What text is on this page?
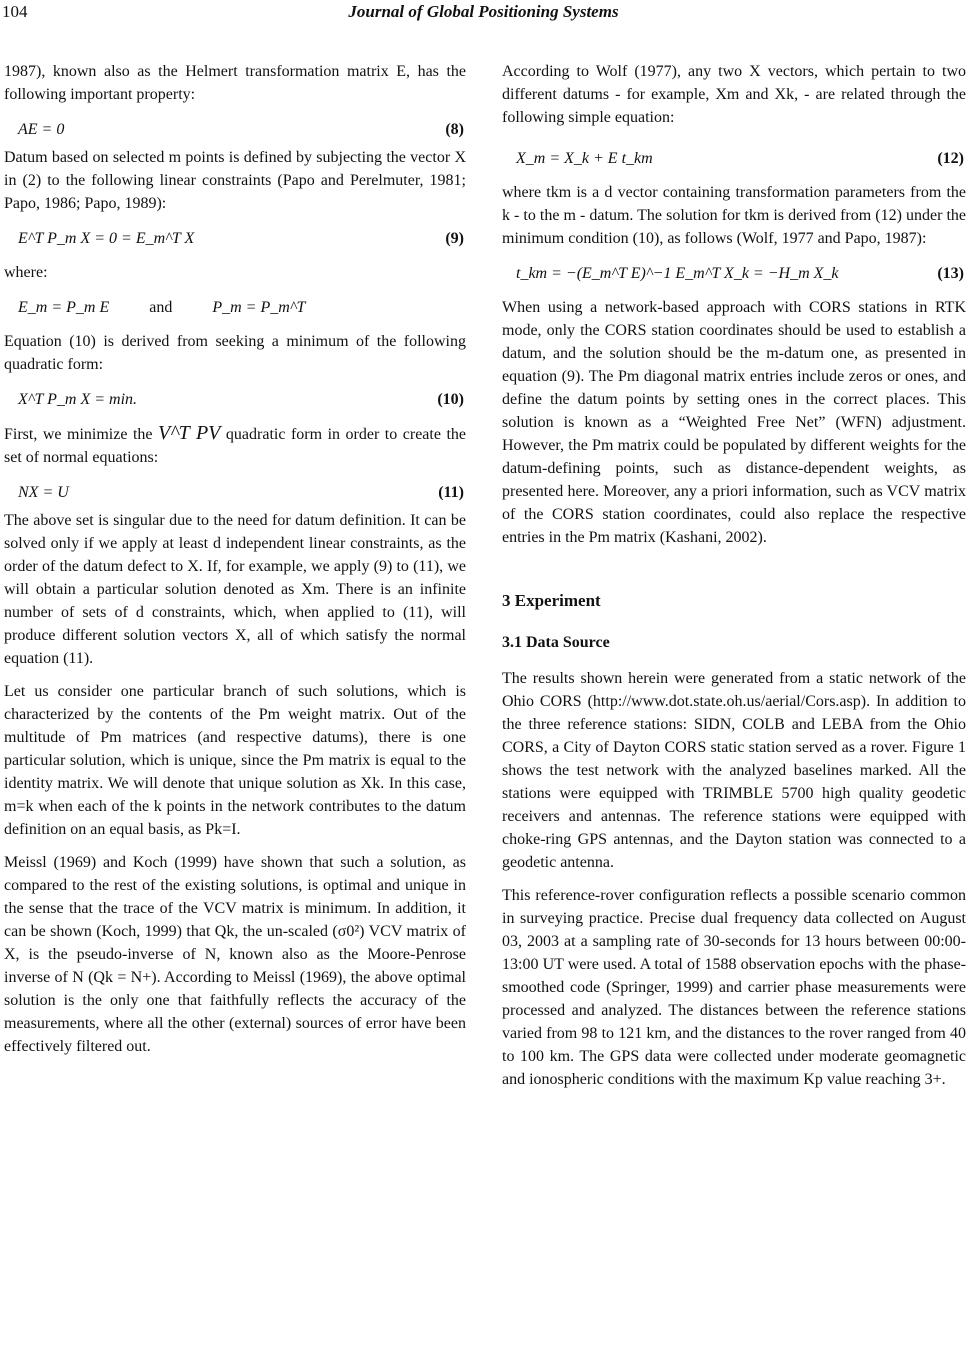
104	Journal of Global Positioning Systems

1987), known also as the Helmert transformation matrix E, has the following important property:

AE = 0	(8)

Datum based on selected m points is defined by subjecting the vector X in (2) to the following linear constraints (Papo and Perelmuter, 1981; Papo, 1986; Papo, 1989):

E^T P_m X = 0 = E_m^T X	(9)

where:

E_m = P_m E	and	P_m = P_m^T

Equation (10) is derived from seeking a minimum of the following quadratic form:

X^T P_m X = min.	(10)

First, we minimize the V^T PV quadratic form in order to create the set of normal equations:

NX = U	(11)

The above set is singular due to the need for datum definition. It can be solved only if we apply at least d independent linear constraints, as the order of the datum defect to X. If, for example, we apply (9) to (11), we will obtain a particular solution denoted as Xm. There is an infinite number of sets of d constraints, which, when applied to (11), will produce different solution vectors X, all of which satisfy the normal equation (11).

Let us consider one particular branch of such solutions, which is characterized by the contents of the Pm weight matrix. Out of the multitude of Pm matrices (and respective datums), there is one particular solution, which is unique, since the Pm matrix is equal to the identity matrix. We will denote that unique solution as Xk. In this case, m=k when each of the k points in the network contributes to the datum definition on an equal basis, as Pk=I.

Meissl (1969) and Koch (1999) have shown that such a solution, as compared to the rest of the existing solutions, is optimal and unique in the sense that the trace of the VCV matrix is minimum. In addition, it can be shown (Koch, 1999) that Qk, the un-scaled (σ0²) VCV matrix of X, is the pseudo-inverse of N, known also as the Moore-Penrose inverse of N (Qk = N+). According to Meissl (1969), the above optimal solution is the only one that faithfully reflects the accuracy of the measurements, where all the other (external) sources of error have been effectively filtered out.

According to Wolf (1977), any two X vectors, which pertain to two different datums - for example, Xm and Xk, - are related through the following simple equation:

X_m = X_k + E t_km	(12)

where tkm is a d vector containing transformation parameters from the k - to the m - datum. The solution for tkm is derived from (12) under the minimum condition (10), as follows (Wolf, 1977 and Papo, 1987):

t_km = −(E_m^T E)^−1 E_m^T X_k = −H_m X_k	(13)

When using a network-based approach with CORS stations in RTK mode, only the CORS station coordinates should be used to establish a datum, and the solution should be the m-datum one, as presented in equation (9). The Pm diagonal matrix entries include zeros or ones, and define the datum points by setting ones in the correct places. This solution is known as a “Weighted Free Net” (WFN) adjustment. However, the Pm matrix could be populated by different weights for the datum-defining points, such as distance-dependent weights, as presented here. Moreover, any a priori information, such as VCV matrix of the CORS station coordinates, could also replace the respective entries in the Pm matrix (Kashani, 2002).

3 Experiment
3.1 Data Source

The results shown herein were generated from a static network of the Ohio CORS (http://www.dot.state.oh.us/aerial/Cors.asp). In addition to the three reference stations: SIDN, COLB and LEBA from the Ohio CORS, a City of Dayton CORS static station served as a rover. Figure 1 shows the test network with the analyzed baselines marked. All the stations were equipped with TRIMBLE 5700 high quality geodetic receivers and antennas. The reference stations were equipped with choke-ring GPS antennas, and the Dayton station was connected to a geodetic antenna.

This reference-rover configuration reflects a possible scenario common in surveying practice. Precise dual frequency data collected on August 03, 2003 at a sampling rate of 30-seconds for 13 hours between 00:00-13:00 UT were used. A total of 1588 observation epochs with the phase-smoothed code (Springer, 1999) and carrier phase measurements were processed and analyzed. The distances between the reference stations varied from 98 to 121 km, and the distances to the rover ranged from 40 to 100 km. The GPS data were collected under moderate geomagnetic and ionospheric conditions with the maximum Kp value reaching 3+.
